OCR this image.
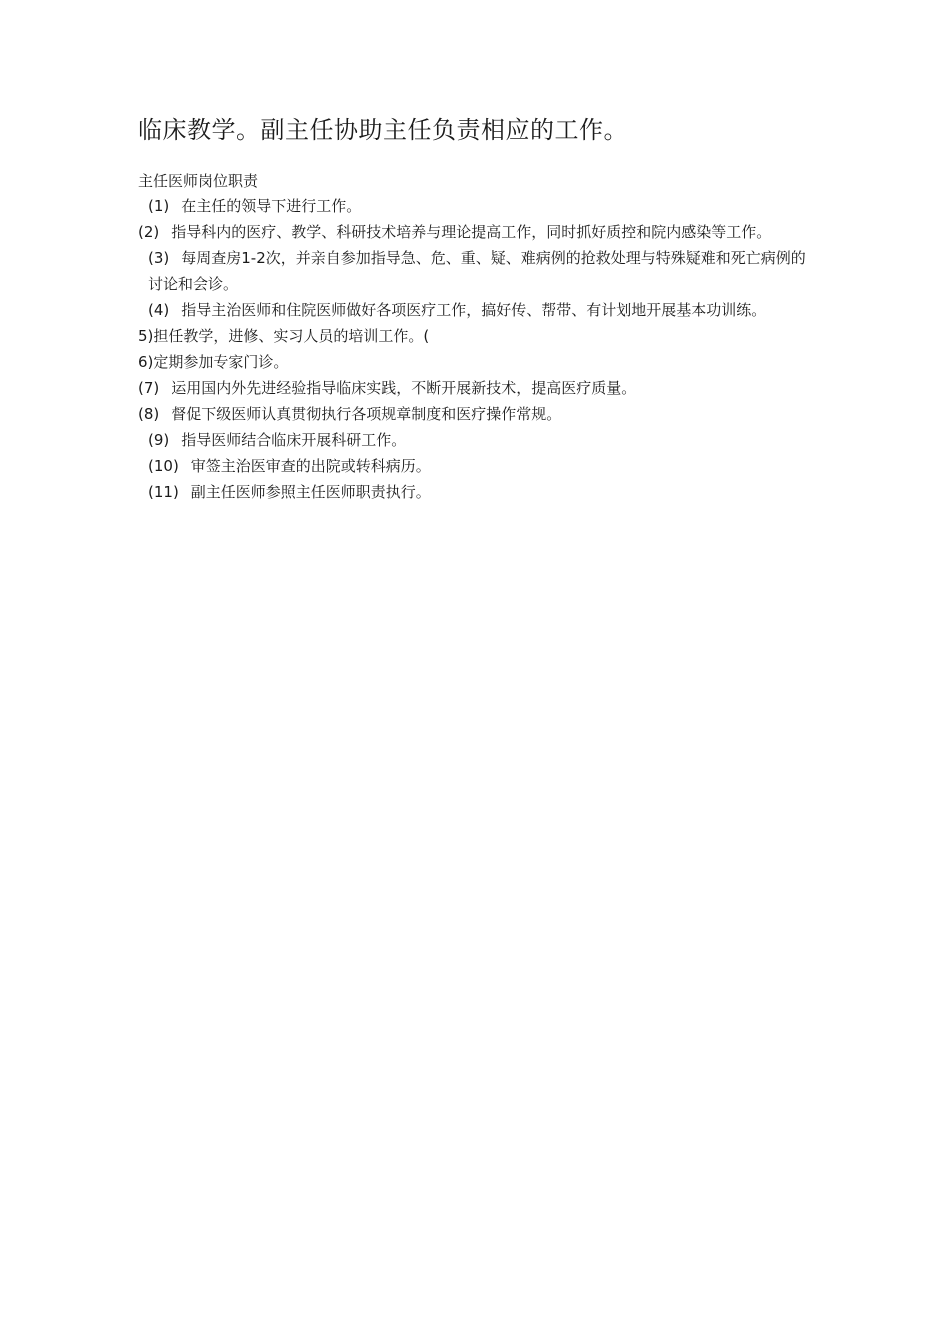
临床教学。副主任协助主任负责相应的工作。
主任医师岗位职责
(1) 在主任的领导下进行工作。
(2) 指导科内的医疗、教学、科研技术培养与理论提高工作，同时抓好质控和院内感染等工作。
(3) 每周查房1-2次，并亲自参加指导急、危、重、疑、难病例的抢救处理与特殊疑难和死亡病例的讨论和会诊。
(4) 指导主治医师和住院医师做好各项医疗工作，搞好传、帮带、有计划地开展基本功训练。
5)担任教学，进修、实习人员的培训工作。(
6)定期参加专家门诊。
(7) 运用国内外先进经验指导临床实践，不断开展新技术，提高医疗质量。
(8) 督促下级医师认真贯彻执行各项规章制度和医疗操作常规。
(9) 指导医师结合临床开展科研工作。
(10) 审签主治医审查的出院或转科病历。
(11) 副主任医师参照主任医师职责执行。
